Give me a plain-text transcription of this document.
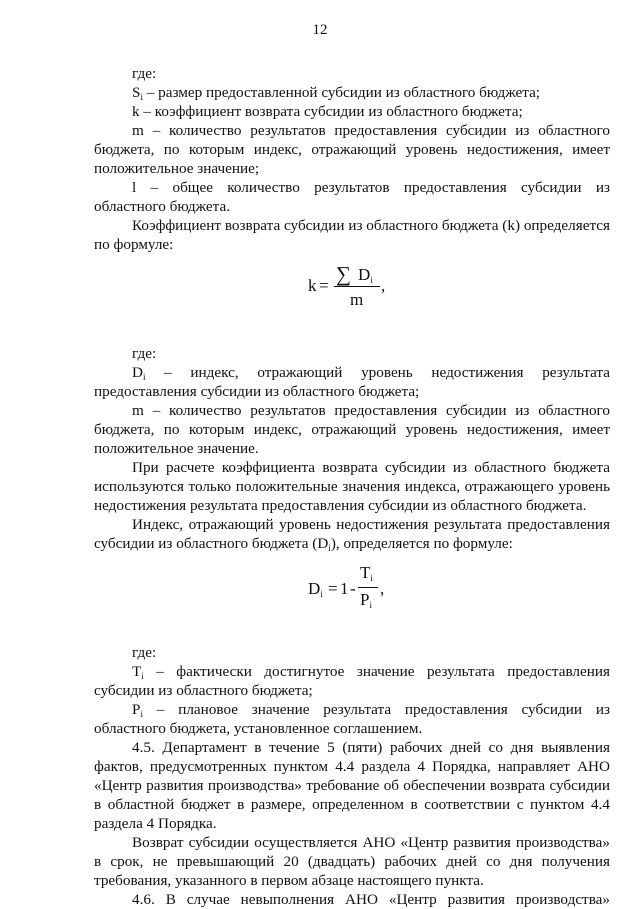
12

где:

$S_i$ – размер предоставленной субсидии из областного бюджета;

k – коэффициент возврата субсидии из областного бюджета;

m – количество результатов предоставления субсидии из областного бюджета, по которым индекс, отражающий уровень недостижения, имеет положительное значение;

l – общее количество результатов предоставления субсидии из областного бюджета.

Коэффициент возврата субсидии из областного бюджета (k) определяется по формуле:

k = ∑ $D_i$
m
,

где:

$D_i$ – индекс, отражающий уровень недостижения результата предоставления субсидии из областного бюджета;

m – количество результатов предоставления субсидии из областного бюджета, по которым индекс, отражающий уровень недостижения, имеет положительное значение.

При расчете коэффициента возврата субсидии из областного бюджета используются только положительные значения индекса, отражающего уровень недостижения результата предоставления субсидии из областного бюджета.

Индекс, отражающий уровень недостижения результата предоставления субсидии из областного бюджета $(D_i)$, определяется по формуле:

$D_i = 1$ -
$T_i$
$P_i$
,

где:

$T_i$ – фактически достигнутое значение результата предоставления субсидии из областного бюджета;

$P_i$ – плановое значение результата предоставления субсидии из областного бюджета, установленное соглашением.

4.5. Департамент в течение 5 (пяти) рабочих дней со дня выявления фактов, предусмотренных пунктом 4.4 раздела 4 Порядка, направляет АНО «Центр развития производства» требование об обеспечении возврата субсидии в областной бюджет в размере, определенном в соответствии с пунктом 4.4 раздела 4 Порядка.

Возврат субсидии осуществляется АНО «Центр развития производства» в срок, не превышающий 20 (двадцать) рабочих дней со дня получения требования, указанного в первом абзаце настоящего пункта.

4.6. В случае невыполнения АНО «Центр развития производства»
